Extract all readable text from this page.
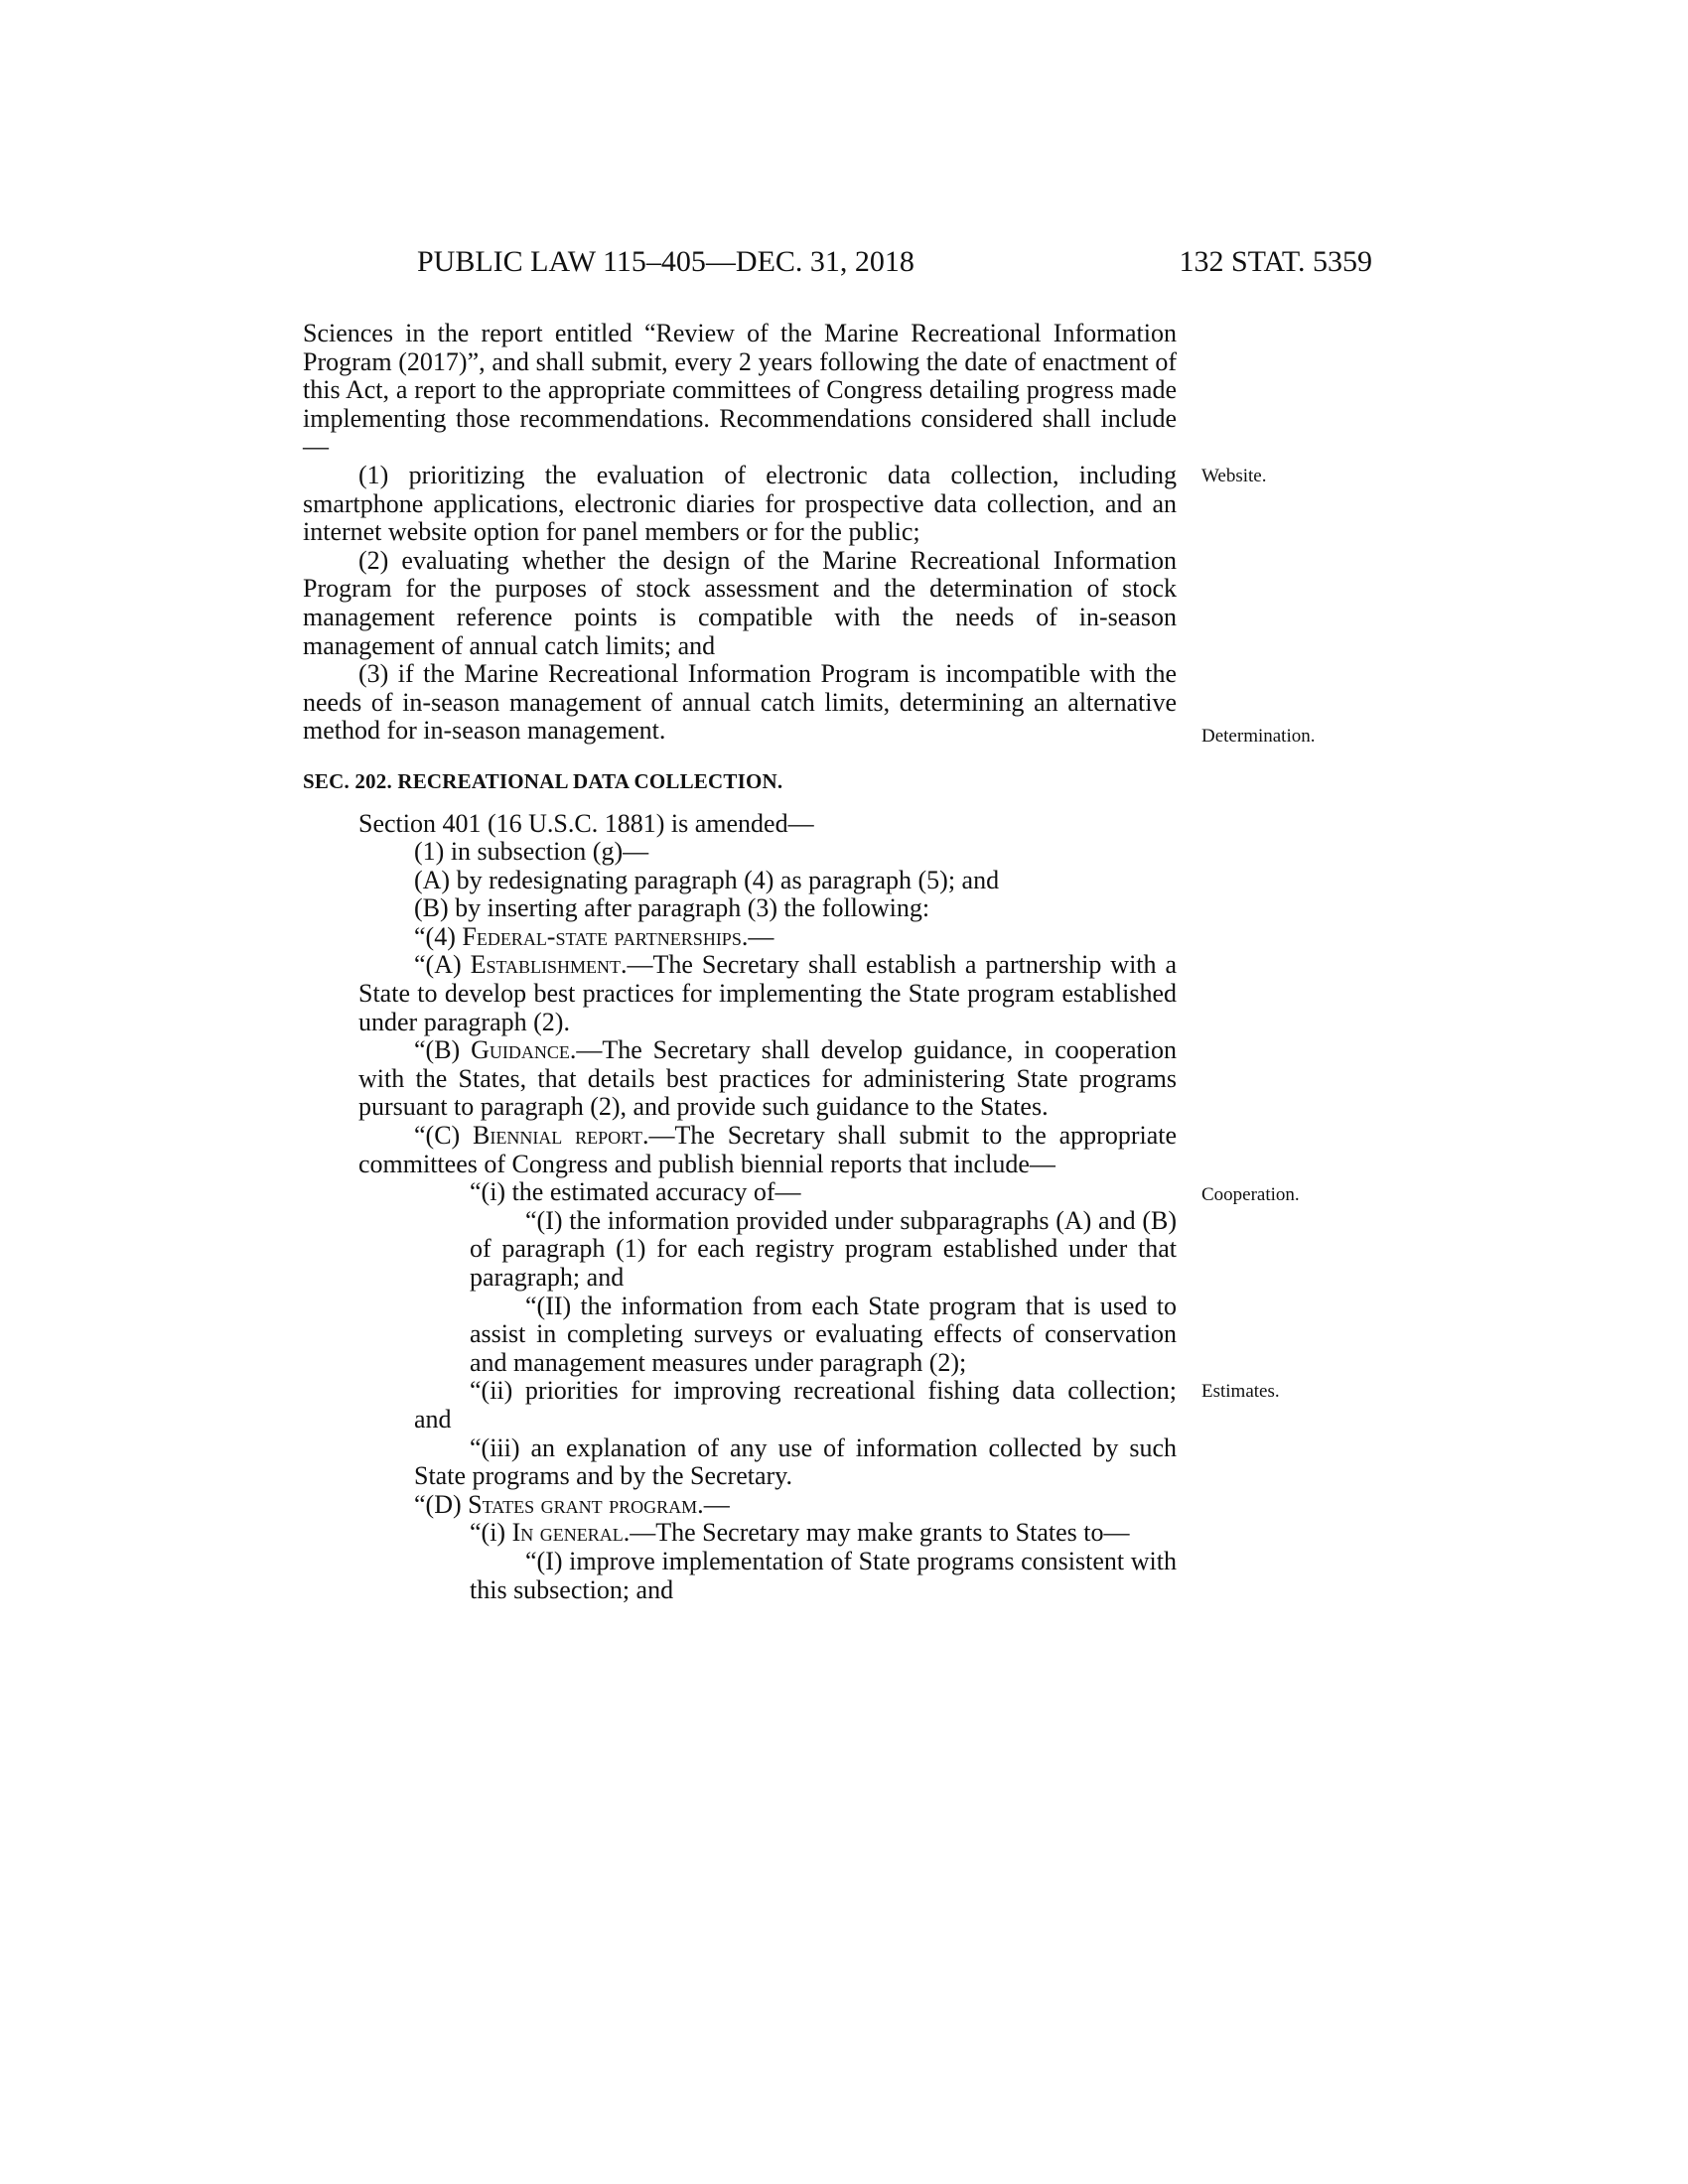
PUBLIC LAW 115–405—DEC. 31, 2018	132 STAT. 5359

Sciences in the report entitled “Review of the Marine Recreational Information Program (2017)”, and shall submit, every 2 years following the date of enactment of this Act, a report to the appropriate committees of Congress detailing progress made implementing those recommendations. Recommendations considered shall include—

(1) prioritizing the evaluation of electronic data collection, including smartphone applications, electronic diaries for prospective data collection, and an internet website option for panel members or for the public;

(2) evaluating whether the design of the Marine Recreational Information Program for the purposes of stock assessment and the determination of stock management reference points is compatible with the needs of in-season management of annual catch limits; and

(3) if the Marine Recreational Information Program is incompatible with the needs of in-season management of annual catch limits, determining an alternative method for in-season management.

SEC. 202. RECREATIONAL DATA COLLECTION.

Section 401 (16 U.S.C. 1881) is amended—

(1) in subsection (g)—

(A) by redesignating paragraph (4) as paragraph (5); and

(B) by inserting after paragraph (3) the following:

“(4) Federal-state partnerships.—

“(A) Establishment.—The Secretary shall establish a partnership with a State to develop best practices for implementing the State program established under paragraph (2).

“(B) Guidance.—The Secretary shall develop guidance, in cooperation with the States, that details best practices for administering State programs pursuant to paragraph (2), and provide such guidance to the States.

“(C) Biennial report.—The Secretary shall submit to the appropriate committees of Congress and publish biennial reports that include—

“(i) the estimated accuracy of—

“(I) the information provided under subparagraphs (A) and (B) of paragraph (1) for each registry program established under that paragraph; and

“(II) the information from each State program that is used to assist in completing surveys or evaluating effects of conservation and management measures under paragraph (2);

“(ii) priorities for improving recreational fishing data collection; and

“(iii) an explanation of any use of information collected by such State programs and by the Secretary.

“(D) States grant program.—

“(i) In general.—The Secretary may make grants to States to—

“(I) improve implementation of State programs consistent with this subsection; and

Website.
Determination.
Cooperation.
Estimates.
